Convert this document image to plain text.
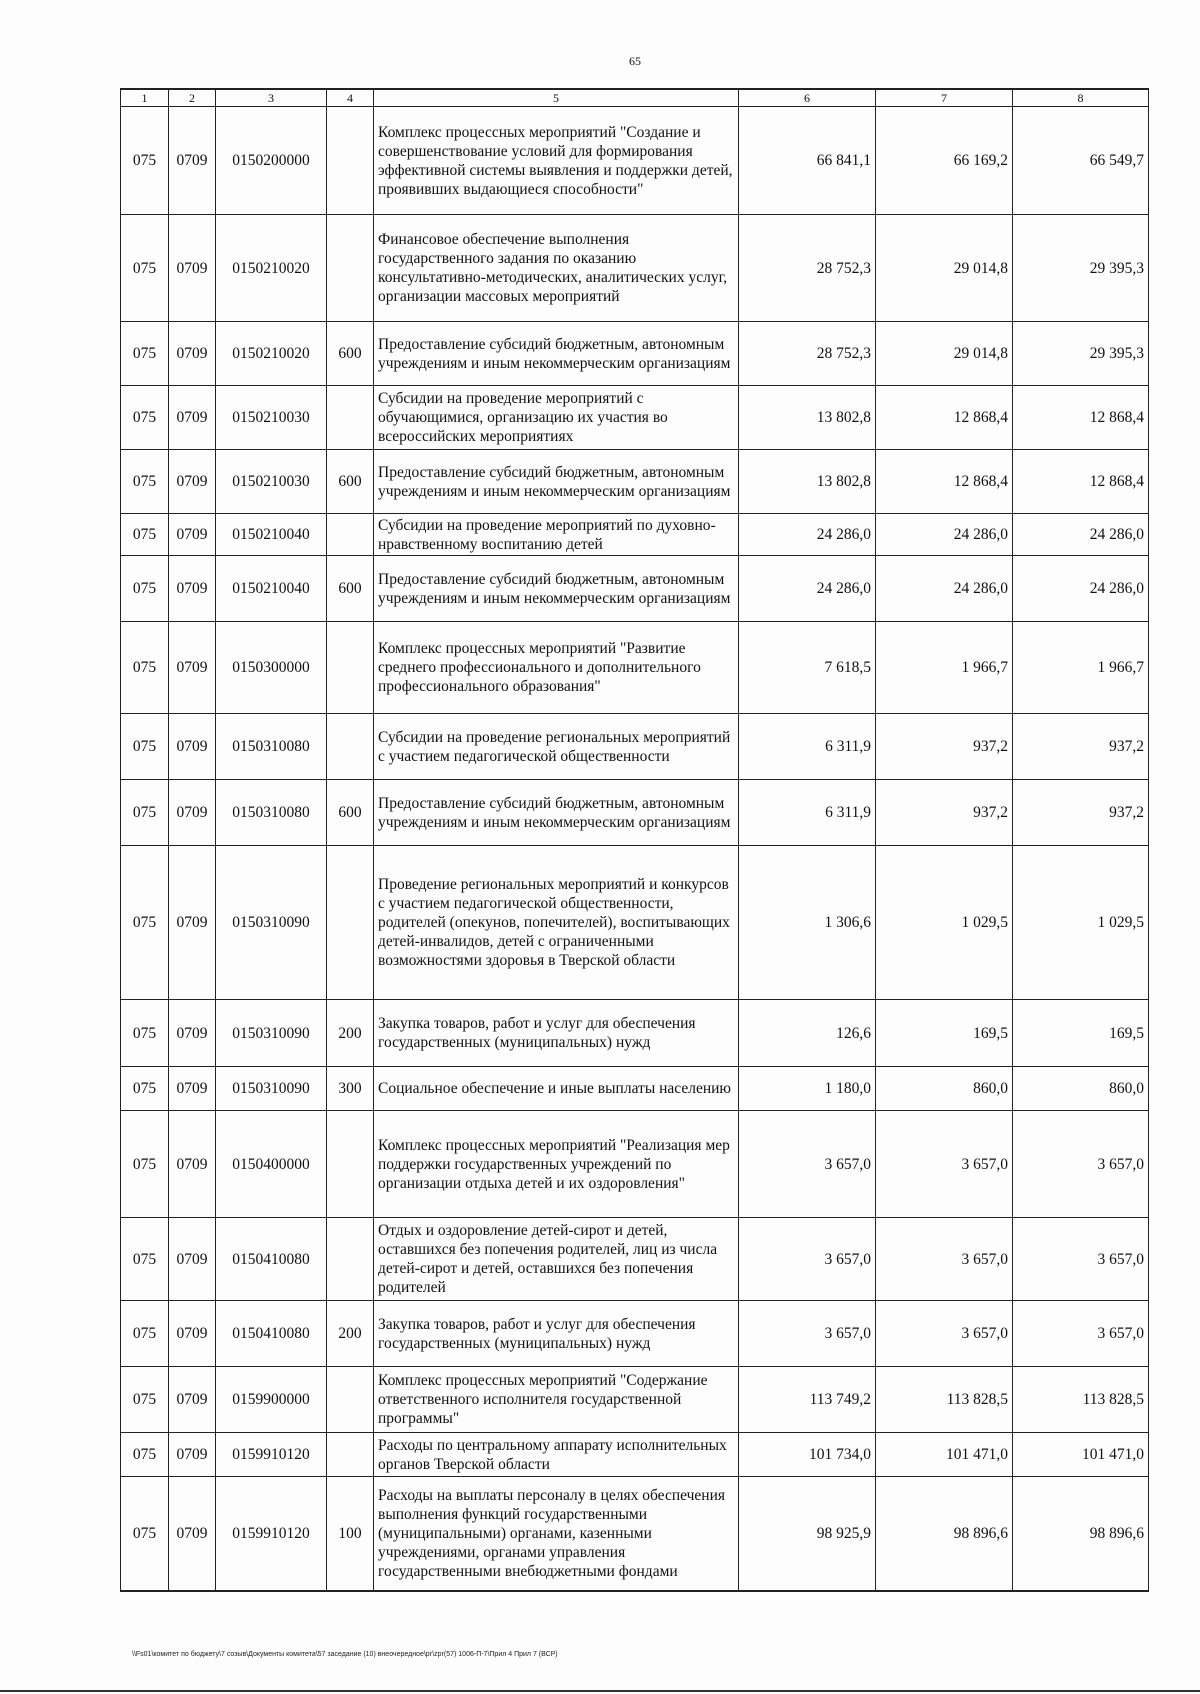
65
1	2	3	4	5	6	7	8
075	0709	0150200000		Комплекс процессных мероприятий "Создание и совершенствование условий для формирования эффективной системы выявления и поддержки детей, проявивших выдающиеся способности"	66 841,1	66 169,2	66 549,7
075	0709	0150210020		Финансовое обеспечение выполнения государственного задания по оказанию консультативно-методических, аналитических услуг, организации массовых мероприятий	28 752,3	29 014,8	29 395,3
075	0709	0150210020	600	Предоставление субсидий бюджетным, автономным учреждениям и иным некоммерческим организациям	28 752,3	29 014,8	29 395,3
075	0709	0150210030		Субсидии на проведение мероприятий с обучающимися, организацию их участия во всероссийских мероприятиях	13 802,8	12 868,4	12 868,4
075	0709	0150210030	600	Предоставление субсидий бюджетным, автономным учреждениям и иным некоммерческим организациям	13 802,8	12 868,4	12 868,4
075	0709	0150210040		Субсидии на проведение мероприятий по духовно-нравственному воспитанию детей	24 286,0	24 286,0	24 286,0
075	0709	0150210040	600	Предоставление субсидий бюджетным, автономным учреждениям и иным некоммерческим организациям	24 286,0	24 286,0	24 286,0
075	0709	0150300000		Комплекс процессных мероприятий "Развитие среднего профессионального и дополнительного профессионального образования"	7 618,5	1 966,7	1 966,7
075	0709	0150310080		Субсидии на проведение региональных мероприятий с участием педагогической общественности	6 311,9	937,2	937,2
075	0709	0150310080	600	Предоставление субсидий бюджетным, автономным учреждениям и иным некоммерческим организациям	6 311,9	937,2	937,2
075	0709	0150310090		Проведение региональных мероприятий и конкурсов с участием педагогической общественности, родителей (опекунов, попечителей), воспитывающих детей-инвалидов, детей с ограниченными возможностями здоровья в Тверской области	1 306,6	1 029,5	1 029,5
075	0709	0150310090	200	Закупка товаров, работ и услуг для обеспечения государственных (муниципальных) нужд	126,6	169,5	169,5
075	0709	0150310090	300	Социальное обеспечение и иные выплаты населению	1 180,0	860,0	860,0
075	0709	0150400000		Комплекс процессных мероприятий "Реализация мер поддержки государственных учреждений по организации отдыха детей и их оздоровления"	3 657,0	3 657,0	3 657,0
075	0709	0150410080		Отдых и оздоровление детей-сирот и детей, оставшихся без попечения родителей, лиц из числа детей-сирот и детей, оставшихся без попечения родителей	3 657,0	3 657,0	3 657,0
075	0709	0150410080	200	Закупка товаров, работ и услуг для обеспечения государственных (муниципальных) нужд	3 657,0	3 657,0	3 657,0
075	0709	0159900000		Комплекс процессных мероприятий "Содержание ответственного исполнителя государственной программы"	113 749,2	113 828,5	113 828,5
075	0709	0159910120		Расходы по центральному аппарату исполнительных органов Тверской области	101 734,0	101 471,0	101 471,0
075	0709	0159910120	100	Расходы на выплаты персоналу в целях обеспечения выполнения функций государственными (муниципальными) органами, казенными учреждениями, органами управления государственными внебюджетными фондами	98 925,9	98 896,6	98 896,6
\\Fs01\комитет по бюджету\7 созыв\Документы комитета\57 заседание (10) внеочередное\рг\zpr(57) 1006-П-7\Прил 4 Прил 7 (ВСР)
